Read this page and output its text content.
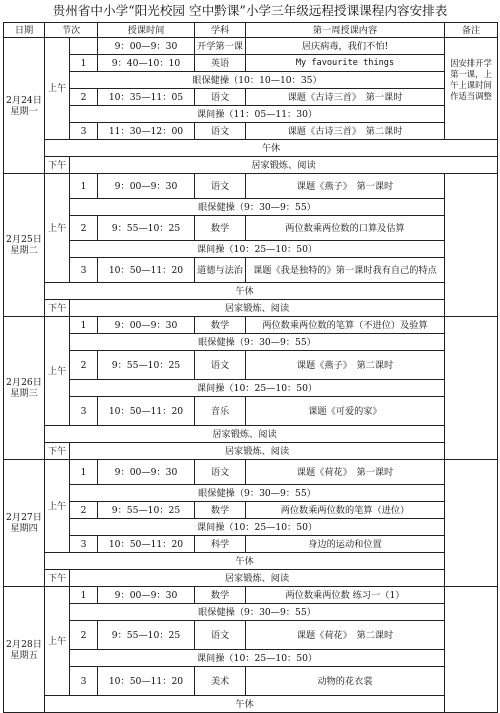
贵州省中小学“阳光校园 空中黔课”小学三年级远程授课课程内容安排表
日期	节次		授课时间	学科	第一周授课内容	备注
2月24日
星期一	上午		9：00—9：30	开学第一课	居庆病毒，我们不怕!	因安排开学第一课，上午上课时间作适当调整
		1	9：40—10：10	英语	My favourite things	
		眼保健操（10：10—10：35）				
		2	10：35—11：05	语文	课题《古诗三首》　第一课时	
		课间操（11：05—11：30）				
		3	11：30—12：00	语文	课题《古诗三首》　第二课时	
	午休					
	下午	居家锻炼、阅读				
2月25日
星期二	上午	1	9：00—9：30	语文	课题《燕子》　第一课时	
		眼保健操（9：30—9：55）				
		2	9：55—10：25	数学	两位数乘两位数的口算及估算	
		课间操（10：25—10：50）				
		3	10：50—11：20	道德与法治	课题《我是独特的》第一课时我有自己的特点	
	午休					
	下午	居家锻炼、阅读				
2月26日
星期三	上午	1	9：00—9：30	数学	两位数乘两位数的笔算（不进位）及验算	
		眼保健操（9：30—9：55）				
		2	9：55—10：25	语文	课题《燕子》　第二课时	
		课间操（10：25—10：50）				
		3	10：50—11：20	音乐	课题《可爱的家》	
	居家锻炼、阅读					
	下午	居家锻炼、阅读				
2月27日
星期四	上午	1	9：00—9：30	语文	课题《荷花》　第一课时	
		眼保健操（9：30—9：55）				
		2	9：55—10：25	数学	两位数乘两位数的笔算（进位）	
		课间操（10：25—10：50）				
		3	10：50—11：20	科学	身边的运动和位置	
	午休					
	下午	居家锻炼、阅读				
2月28日
星期五	上午	1	9：00—9：30	数学	两位数乘两位数 练习一（1）	
		眼保健操（9：30—9：55）				
		2	9：55—10：25	语文	课题《荷花》　第二课时	
		课间操（10：25—10：50）				
		3	10：50—11：20	美术	动物的花衣裳	
	午休					
